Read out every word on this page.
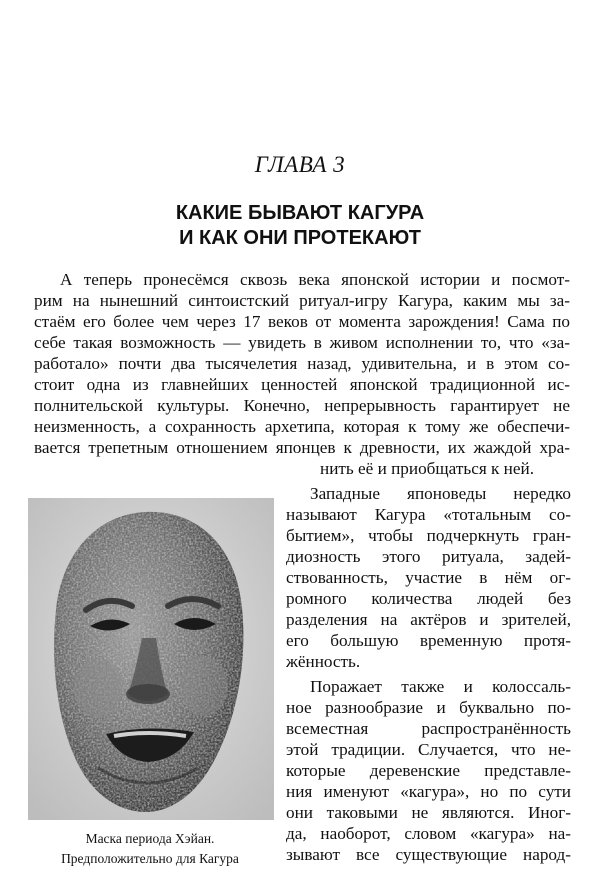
ГЛАВА 3
КАКИЕ БЫВАЮТ КАГУРА
И КАК ОНИ ПРОТЕКАЮТ

А теперь пронесёмся сквозь века японской истории и посмот-

рим на нынешний синтоистский ритуал-игру Кагура, каким мы за-

стаём его более чем через 17 веков от момента зарождения! Сама по

себе такая возможность — увидеть в живом исполнении то, что «за-

работало» почти два тысячелетия назад, удивительна, и в этом со-

стоит одна из главнейших ценностей японской традиционной ис-

полнительской культуры. Конечно, непрерывность гарантирует не

неизменность, а сохранность архетипа, которая к тому же обеспечи-

вается трепетным отношением японцев к древности, их жаждой хра-

нить её и приобщаться к ней.

Западные японоведы нередко

называют Кагура «тотальным со-

бытием», чтобы подчеркнуть гран-

диозность этого ритуала, задей-

ствованность, участие в нём ог-

ромного количества людей без

разделения на актёров и зрителей,

его большую временную протя-

жённость.

Поражает также и колоссаль-

ное разнообразие и буквально по-

всеместная распространённость

этой традиции. Случается, что не-

которые деревенские представле-

ния именуют «кагура», но по сути

они таковыми не являются. Иног-

да, наоборот, словом «кагура» на-

зывают все существующие народ-

Маска периода Хэйан.

Предположительно для Кагура
